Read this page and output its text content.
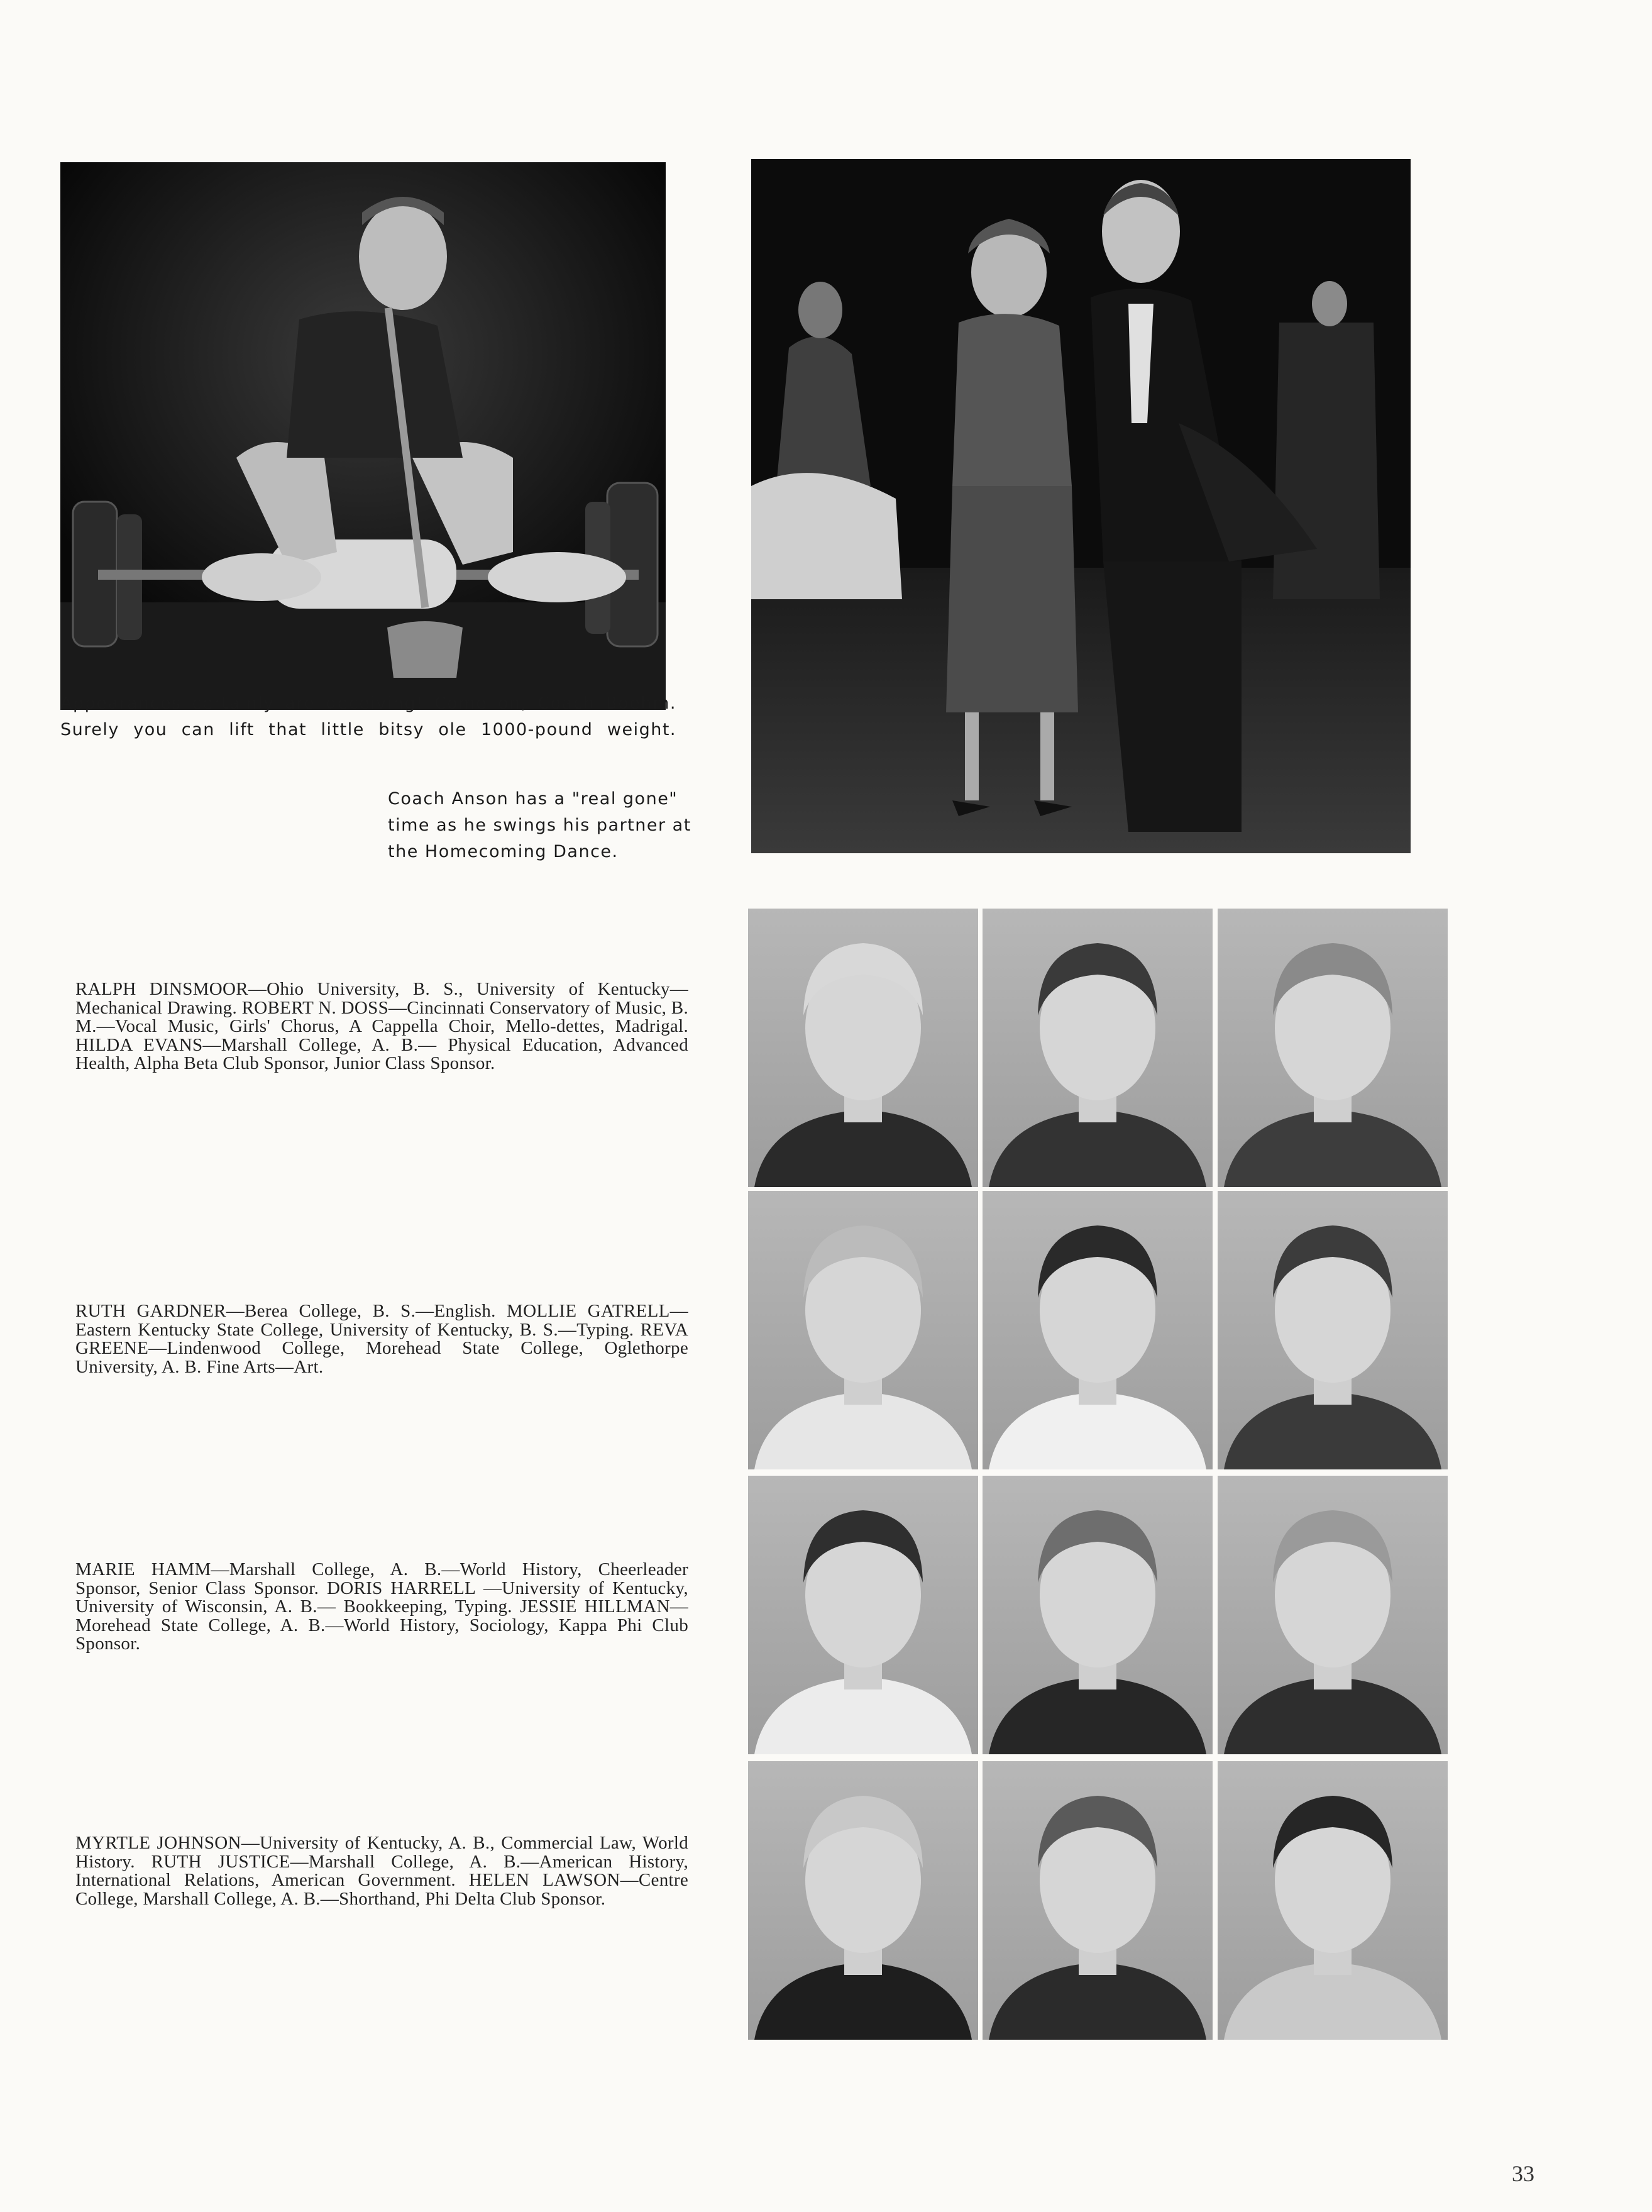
Appearances certainly are deceiving! Come on, Coach Boehm.
Surely you can lift that little bitsy ole 1000-pound weight.
Coach Anson has a "real gone"
time as he swings his partner at
the Homecoming Dance.
RALPH DINSMOOR—Ohio University, B. S., University of Kentucky—Mechanical Drawing. ROBERT N. DOSS—Cincinnati Conservatory of Music, B. M.—Vocal Music, Girls' Chorus, A Cappella Choir, Mello-dettes, Madrigal. HILDA EVANS—Marshall College, A. B.— Physical Education, Advanced Health, Alpha Beta Club Sponsor, Junior Class Sponsor.
RUTH GARDNER—Berea College, B. S.—English. MOLLIE GATRELL—Eastern Kentucky State College, University of Kentucky, B. S.—Typing. REVA GREENE—Lindenwood College, Morehead State College, Oglethorpe University, A. B. Fine Arts—Art.
MARIE HAMM—Marshall College, A. B.—World History, Cheerleader Sponsor, Senior Class Sponsor. DORIS HARRELL —University of Kentucky, University of Wisconsin, A. B.— Bookkeeping, Typing. JESSIE HILLMAN—Morehead State College, A. B.—World History, Sociology, Kappa Phi Club Sponsor.
MYRTLE JOHNSON—University of Kentucky, A. B., Commercial Law, World History. RUTH JUSTICE—Marshall College, A. B.—American History, International Relations, American Government. HELEN LAWSON—Centre College, Marshall College, A. B.—Shorthand, Phi Delta Club Sponsor.
33
